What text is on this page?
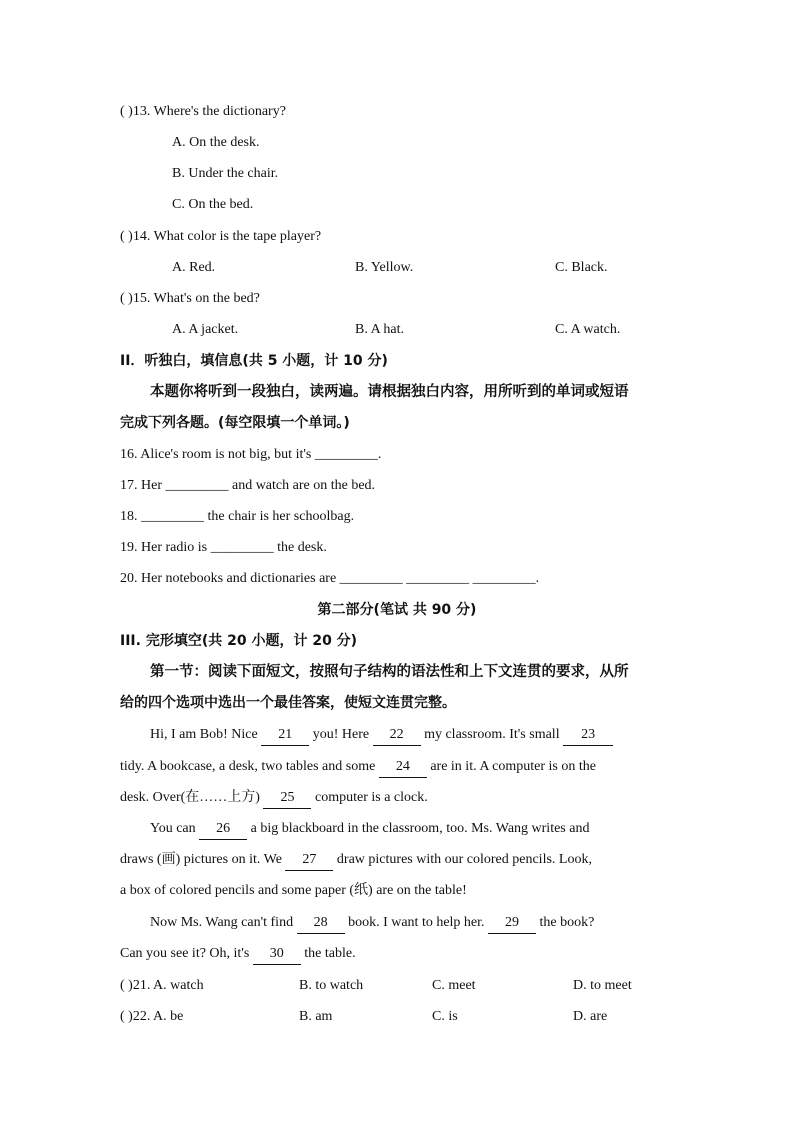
( )13. Where's the dictionary?
A. On the desk.
B. Under the chair.
C. On the bed.
( )14. What color is the tape player?
A. Red.	B. Yellow.	C. Black.
( )15. What's on the bed?
A. A jacket.	B. A hat.	C. A watch.
II．听独白，填信息(共 5 小题，计 10 分)
本题你将听到一段独白，读两遍。请根据独白内容，用所听到的单词或短语
完成下列各题。(每空限填一个单词。)
16. Alice's room is not big, but it's _________.
17. Her _________ and watch are on the bed.
18. _________ the chair is her schoolbag.
19. Her radio is _________ the desk.
20. Her notebooks and dictionaries are _________ _________ _________.
第二部分(笔试 共 90 分)
III. 完形填空(共 20 小题，计 20 分)
第一节：阅读下面短文，按照句子结构的语法性和上下文连贯的要求，从所
给的四个选项中选出一个最佳答案，使短文连贯完整。
Hi, I am Bob! Nice 21 you! Here 22 my classroom. It's small 23
tidy. A bookcase, a desk, two tables and some 24 are in it. A computer is on the
desk. Over(在……上方) 25 computer is a clock.
You can 26 a big blackboard in the classroom, too. Ms. Wang writes and
draws (画) pictures on it. We 27 draw pictures with our colored pencils. Look,
a box of colored pencils and some paper (纸) are on the table!
Now Ms. Wang can't find 28 book. I want to help her. 29 the book?
Can you see it? Oh, it's 30 the table.
( )21. A. watch	B. to watch	C. meet	D. to meet
( )22. A. be	B. am	C. is	D. are
